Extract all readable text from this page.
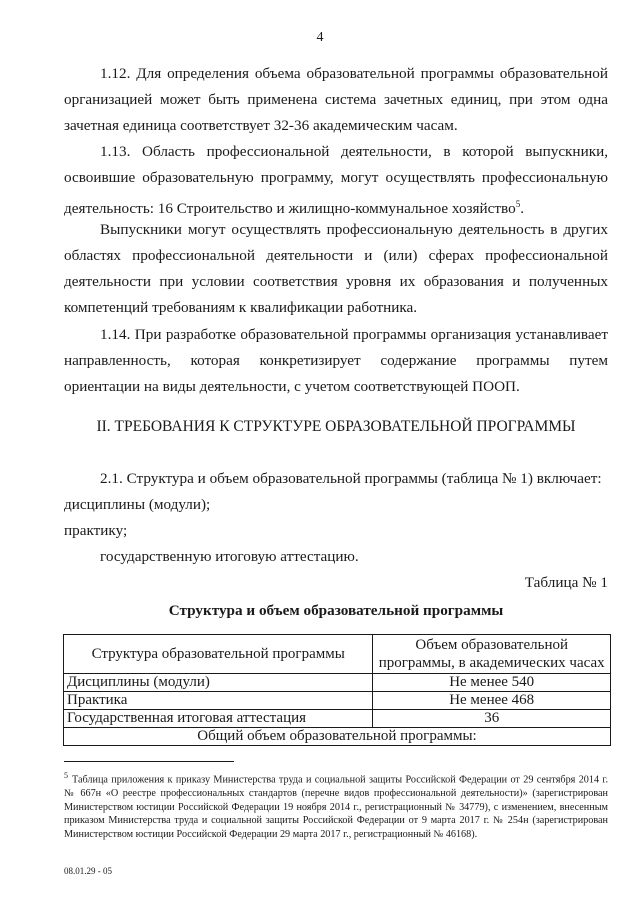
4
1.12. Для определения объема образовательной программы образовательной организацией может быть применена система зачетных единиц, при этом одна зачетная единица соответствует 32-36 академическим часам.
1.13. Область профессиональной деятельности, в которой выпускники, освоившие образовательную программу, могут осуществлять профессиональную деятельность: 16 Строительство и жилищно-коммунальное хозяйство$^5$.
Выпускники могут осуществлять профессиональную деятельность в других областях профессиональной деятельности и (или) сферах профессиональной деятельности при условии соответствия уровня их образования и полученных компетенций требованиям к квалификации работника.
1.14. При разработке образовательной программы организация устанавливает направленность, которая конкретизирует содержание программы путем ориентации на виды деятельности, с учетом соответствующей ПООП.
II. ТРЕБОВАНИЯ К СТРУКТУРЕ ОБРАЗОВАТЕЛЬНОЙ ПРОГРАММЫ
2.1. Структура и объем образовательной программы (таблица № 1) включает:
дисциплины (модули);
практику;
государственную итоговую аттестацию.
Таблица № 1
Структура и объем образовательной программы
Структура образовательной программы	Объем образовательной программы, в академических часах
Дисциплины (модули)	Не менее 540
Практика	Не менее 468
Государственная итоговая аттестация	36
Общий объем образовательной программы:	
$^5$ Таблица приложения к приказу Министерства труда и социальной защиты Российской Федерации от 29 сентября 2014 г. № 667н «О реестре профессиональных стандартов (перечне видов профессиональной деятельности)» (зарегистрирован Министерством юстиции Российской Федерации 19 ноября 2014 г., регистрационный № 34779), с изменением, внесенным приказом Министерства труда и социальной защиты Российской Федерации от 9 марта 2017 г. № 254н (зарегистрирован Министерством юстиции Российской Федерации 29 марта 2017 г., регистрационный № 46168).
08.01.29 - 05
